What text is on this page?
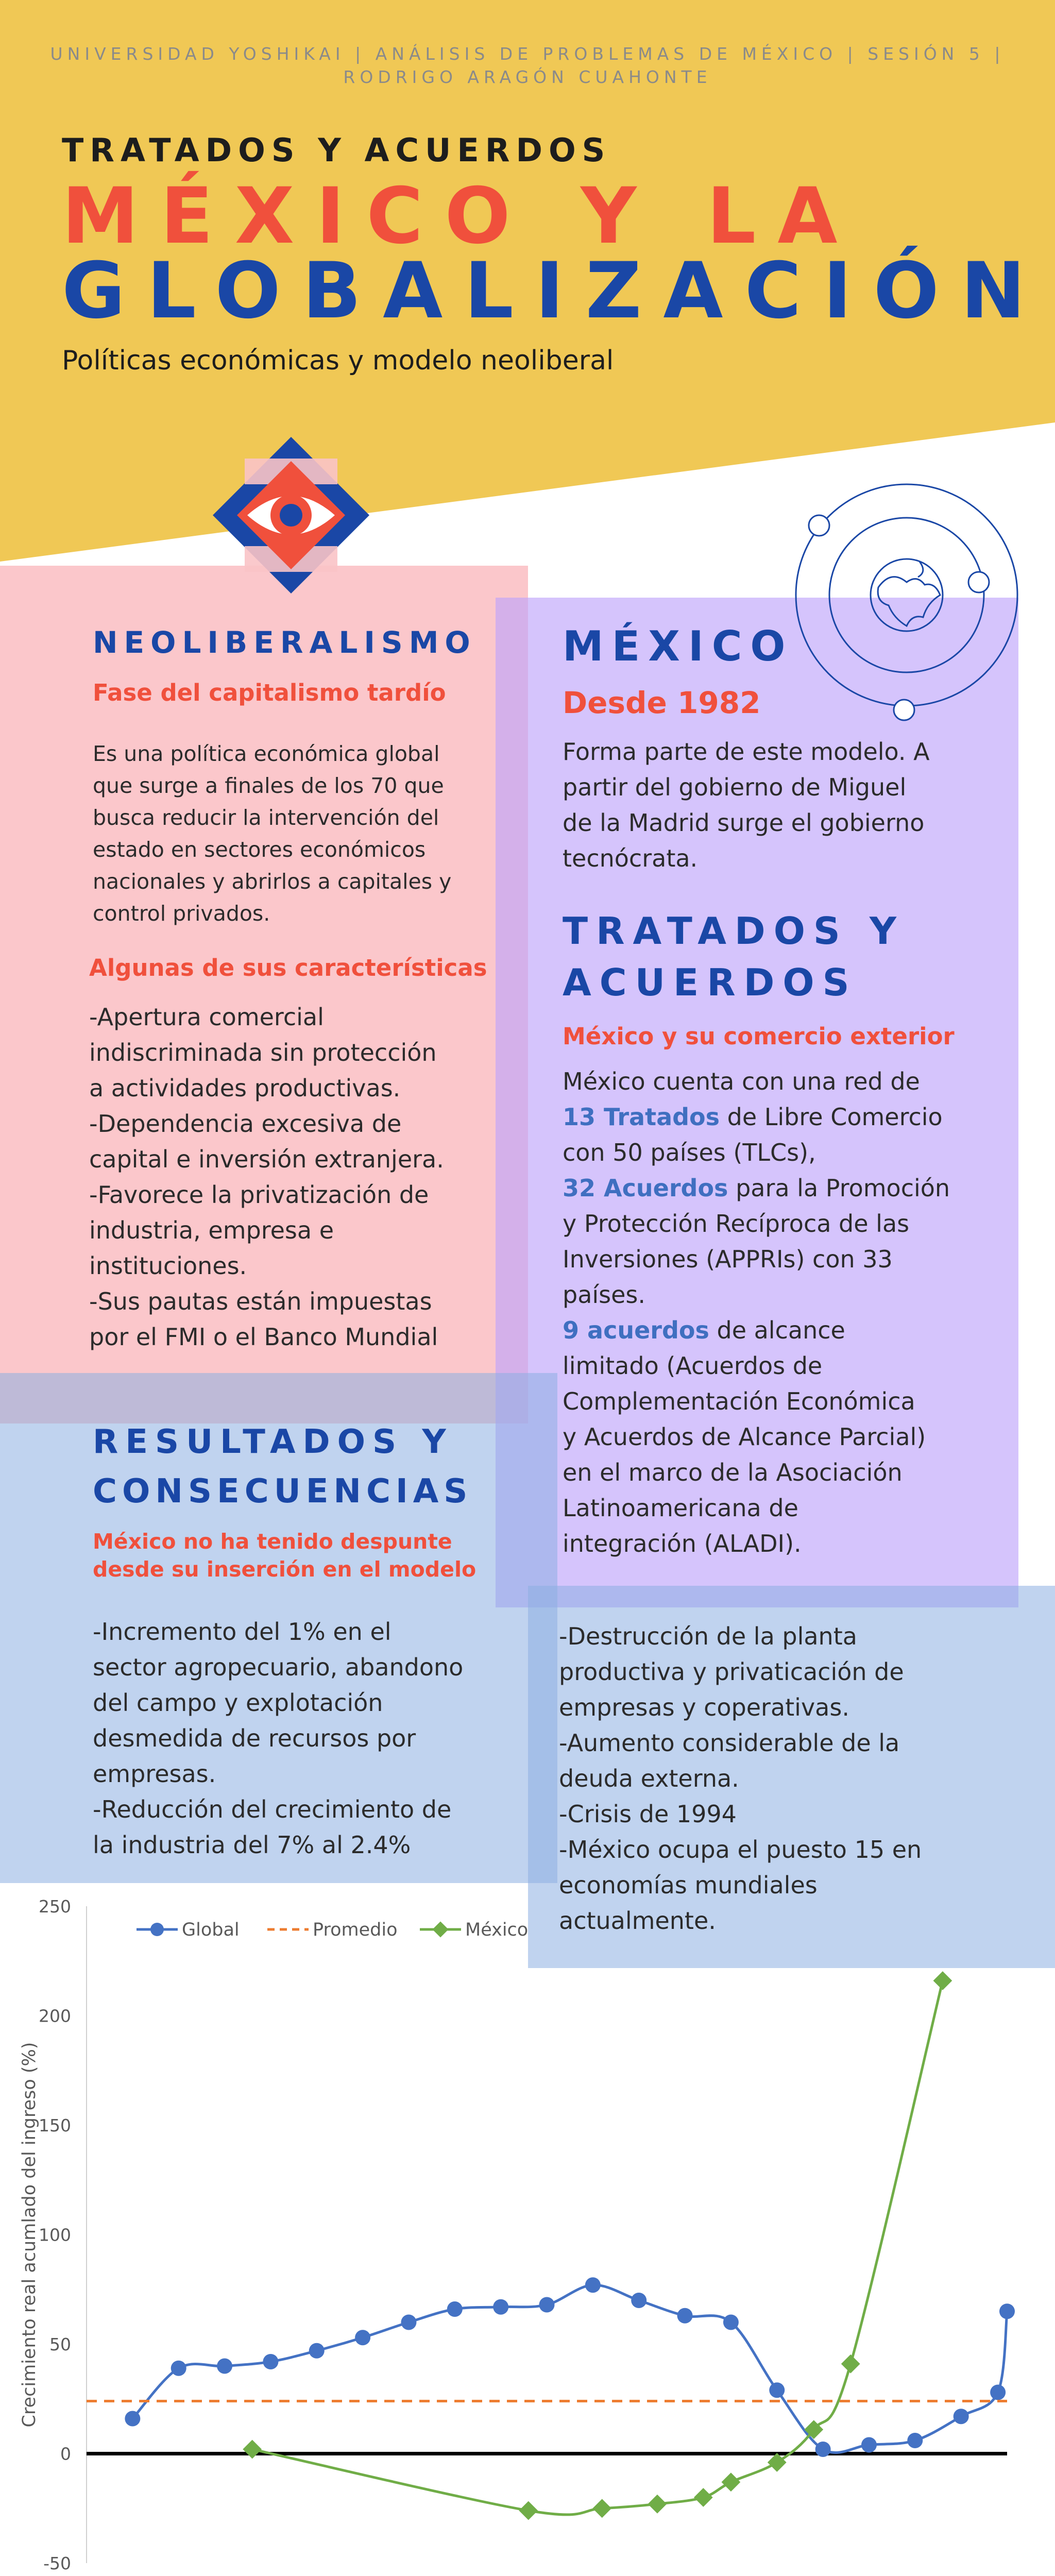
UNIVERSIDAD YOSHIKAI | ANÁLISIS DE PROBLEMAS DE MÉXICO | SESIÓN 5 |
RODRIGO ARAGÓN CUAHONTE
TRATADOS Y ACUERDOS
MÉXICO Y LA
GLOBALIZACIÓN
Políticas económicas y modelo neoliberal
NEOLIBERALISMO
Fase del capitalismo tardío

Es una política económica global

que surge a finales de los 70 que

busca reducir la intervención del

estado en sectores económicos

nacionales y abrirlos a capitales y

control privados.

Algunas de sus características

-Apertura comercial

indiscriminada sin protección

a actividades productivas.

-Dependencia excesiva de

capital e inversión extranjera.

-Favorece la privatización de

industria, empresa e

instituciones.

-Sus pautas están impuestas

por el FMI o el Banco Mundial

MÉXICO
Desde 1982

Forma parte de este modelo. A

partir del gobierno de Miguel

de la Madrid surge el gobierno

tecnócrata.

TRATADOS Y
ACUERDOS
México y su comercio exterior

México cuenta con una red de

13 Tratados de Libre Comercio

con 50 países (TLCs),

32 Acuerdos para la Promoción

y Protección Recíproca de las

Inversiones (APPRIs) con 33

países.

9 acuerdos de alcance

limitado (Acuerdos de

Complementación Económica

y Acuerdos de Alcance Parcial)

en el marco de la Asociación

Latinoamericana de

integración (ALADI).

RESULTADOS Y
CONSECUENCIAS
México no ha tenido despunte
desde su inserción en el modelo

-Incremento del 1% en el

sector agropecuario, abandono

del campo y explotación

desmedida de recursos por

empresas.

-Reducción del crecimiento de

la industria del 7% al 2.4%

-Destrucción de la planta

productiva y privaticación de

empresas y coperativas.

-Aumento considerable de la

deuda externa.

-Crisis de 1994

-México ocupa el puesto 15 en

economías mundiales

actualmente.

-50
0
50
100
150
200
250
Crecimiento real acumlado del ingreso (%)
Global	Promedio	México
